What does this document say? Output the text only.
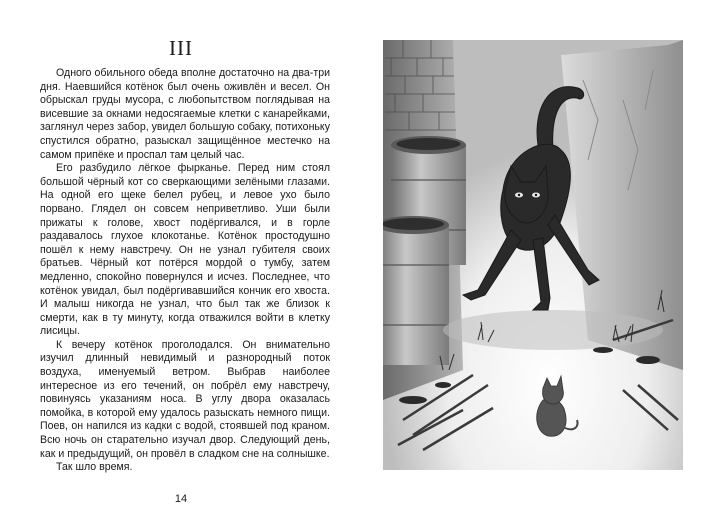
III

Одного обильного обеда вполне достаточно на два-три дня. Наевшийся котёнок был очень оживлён и весел. Он обрыскал груды мусора, с любопытством поглядывая на висевшие за окнами недосягаемые клетки с канарейками, заглянул через забор, увидел большую собаку, потихоньку спустился обратно, разыскал защищённое местечко на самом припёке и проспал там целый час.

Его разбудило лёгкое фырканье. Перед ним стоял большой чёрный кот со сверкающими зелёными глазами. На одной его щеке белел рубец, и левое ухо было порвано. Глядел он совсем неприветливо. Уши были прижаты к голове, хвост подёргивался, и в горле раздавалось глухое клокотанье. Котёнок простодушно пошёл к нему навстречу. Он не узнал губителя своих братьев. Чёрный кот потёрся мордой о тумбу, затем медленно, спокойно повернулся и исчез. Последнее, что котёнок увидал, был подёргивавшийся кончик его хвоста. И малыш никогда не узнал, что был так же близок к смерти, как в ту минуту, когда отважился войти в клетку лисицы.

К вечеру котёнок проголодался. Он внимательно изучил длинный невидимый и разнородный поток воздуха, именуемый ветром. Выбрав наиболее интересное из его течений, он побрёл ему навстречу, повинуясь указаниям носа. В углу двора оказалась помойка, в которой ему удалось разыскать немного пищи. Поев, он напился из кадки с водой, стоявшей под краном. Всю ночь он старательно изучал двор. Следующий день, как и предыдущий, он провёл в сладком сне на солнышке.

Так шло время.

14
